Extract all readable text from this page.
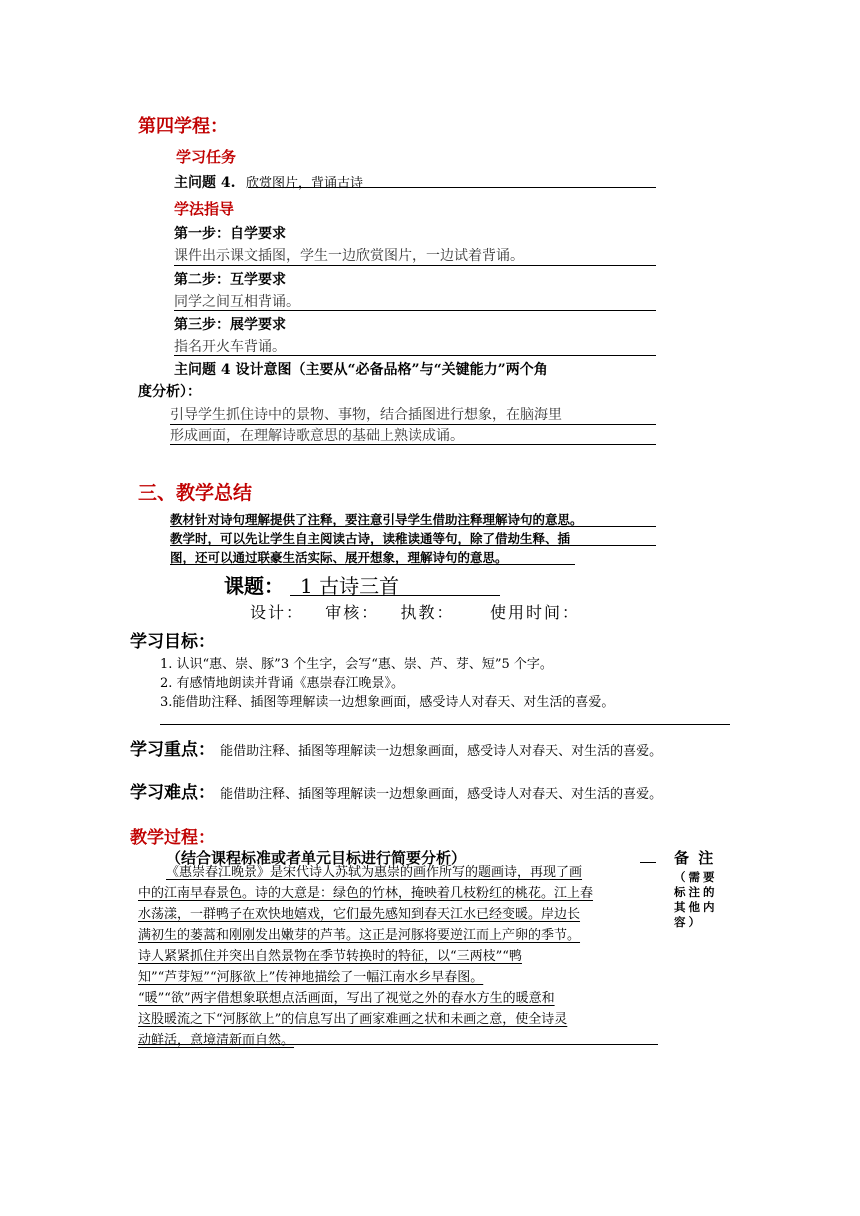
第四学程：
学习任务
主问题 4. 欣赏图片，背诵古诗
学法指导
第一步：自学要求
课件出示课文插图，学生一边欣赏图片，一边试着背诵。
第二步：互学要求
同学之间互相背诵。
第三步：展学要求
指名开火车背诵。
主问题 4 设计意图（主要从“必备品格”与“关键能力”两个角
度分析）：
引导学生抓住诗中的景物、事物，结合插图进行想象，在脑海里
形成画面，在理解诗歌意思的基础上熟读成诵。
三、教学总结
教材针对诗句理解提供了注释，要注意引导学生借助注释理解诗句的意思。
教学时，可以先让学生自主阅读古诗，读稚读通等句，除了借劫生释、插
图，还可以通过联豪生活实际、展开想象，理解诗句的意思。
课题： 1 古诗三首
设计：   审核：   执教：     使用时间：
学习目标：
1. 认识“惠、崇、豚”3 个生字，会写“惠、崇、芦、芽、短”5 个字。
2. 有感情地朗读并背诵《惠崇春江晚景》。
3.能借助注释、插图等理解读一边想象画面，感受诗人对春天、对生活的喜爱。
学习重点： 能借助注释、插图等理解读一边想象画面，感受诗人对春天、对生活的喜爱。
学习难点： 能借助注释、插图等理解读一边想象画面，感受诗人对春天、对生活的喜爱。
教学过程：
（结合课程标准或者单元目标进行简要分析）
《惠崇春江晚景》是宋代诗人苏轼为惠崇的画作所写的题画诗，再现了画
中的江南早春景色。诗的大意是：绿色的竹林，掩映着几枝粉红的桃花。江上春
水荡漾，一群鸭子在欢快地嬉戏，它们最先感知到春天江水已经变暖。岸边长
满初生的蒌蒿和刚刚发出嫩芽的芦苇。这正是河豚将要逆江而上产卵的季节。
诗人紧紧抓住并突出自然景物在季节转换时的特征，以“三两枝”“鸭
知”“芦芽短”“河豚欲上”传神地描绘了一幅江南水乡早春图。
“暖”“欲”两字借想象联想点活画面，写出了视觉之外的春水方生的暖意和
这股暖流之下“河豚欲上”的信息写出了画家难画之状和未画之意，使全诗灵
动鲜活，意境清新而自然。
备 注
（需要
标注的
其他内
容）
